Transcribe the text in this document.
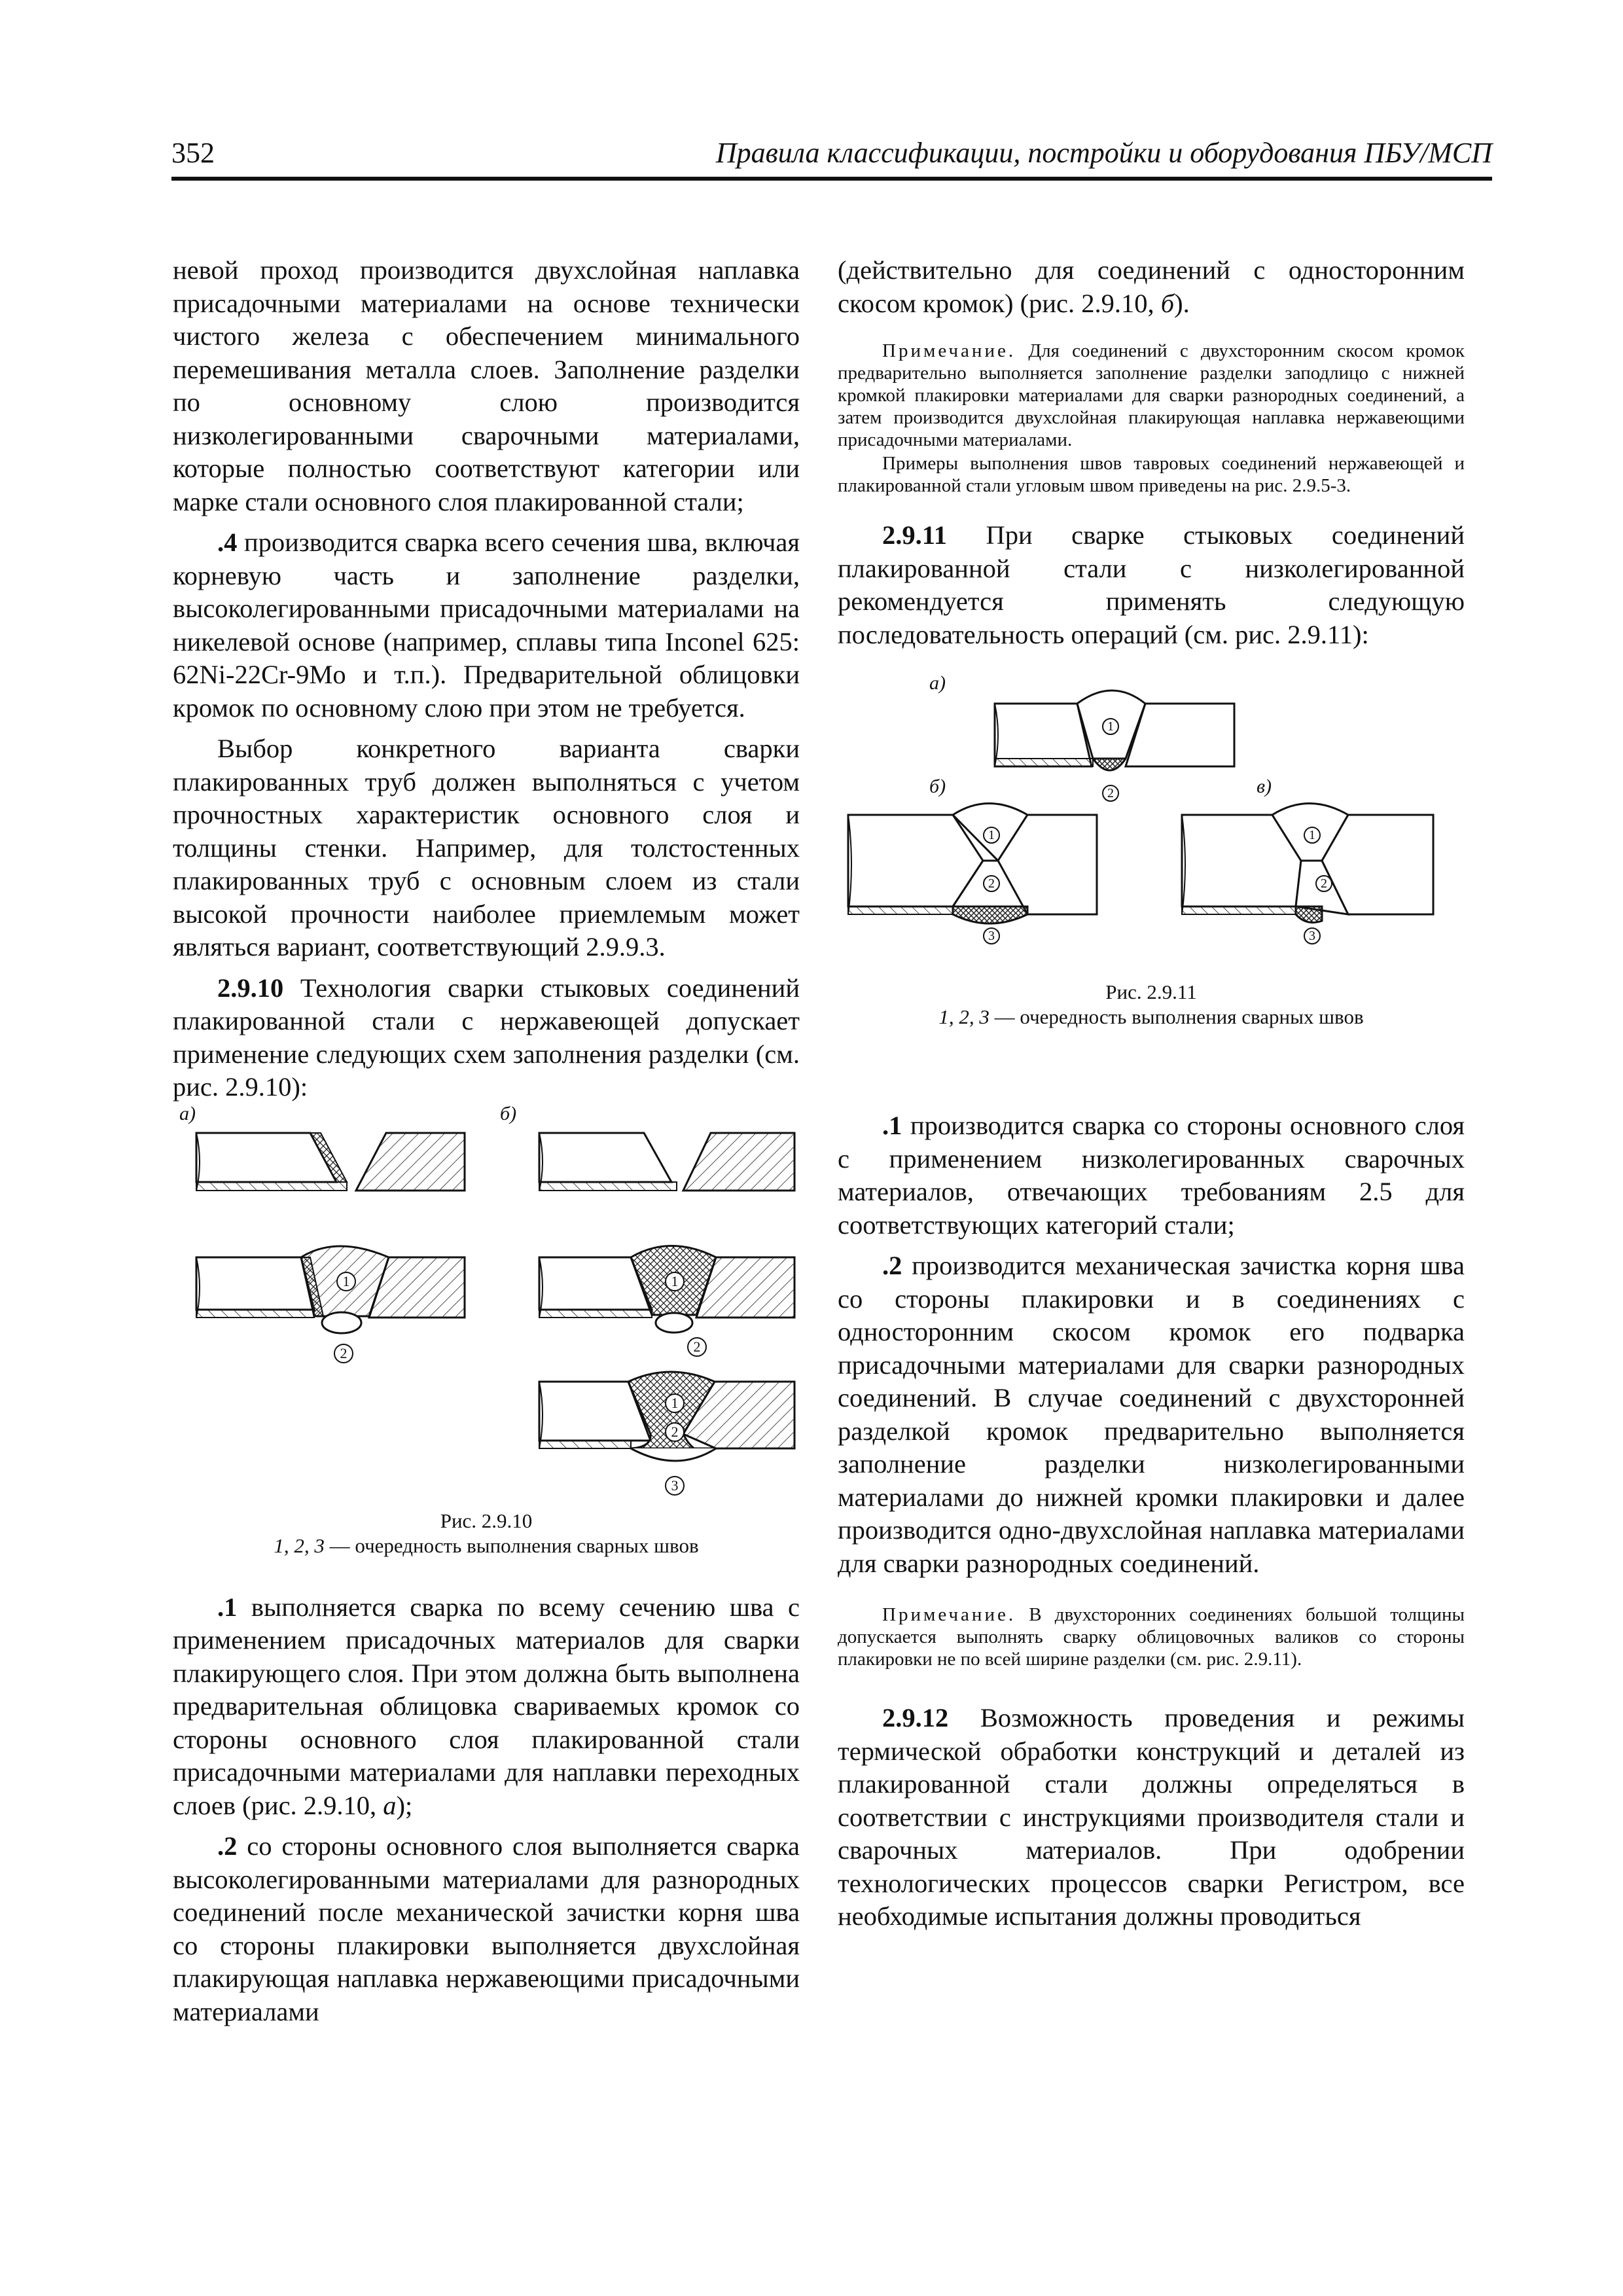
352	Правила классификации, постройки и оборудования ПБУ/МСП

невой проход производится двухслойная наплавка присадочными материалами на основе технически чистого железа с обеспечением минимального перемешивания металла слоев. Заполнение разделки по основному слою производится низколегированными сварочными материалами, которые полностью соответствуют категории или марке стали основного слоя плакированной стали;

.4 производится сварка всего сечения шва, включая корневую часть и заполнение разделки, высоколегированными присадочными материалами на никелевой основе (например, сплавы типа Inconel 625: 62Ni-22Cr-9Mo и т.п.). Предварительной облицовки кромок по основному слою при этом не требуется.

Выбор конкретного варианта сварки плакированных труб должен выполняться с учетом прочностных характеристик основного слоя и толщины стенки. Например, для толстостенных плакированных труб с основным слоем из стали высокой прочности наиболее приемлемым может являться вариант, соответствующий 2.9.9.3.

2.9.10 Технология сварки стыковых соединений плакированной стали с нержавеющей допускает применение следующих схем заполнения разделки (см. рис. 2.9.10):

а)	б)
1
2
1
2
1
2
3
Рис. 2.9.10
1, 2, 3 — очередность выполнения сварных швов

.1 выполняется сварка по всему сечению шва с применением присадочных материалов для сварки плакирующего слоя. При этом должна быть выполнена предварительная облицовка свариваемых кромок со стороны основного слоя плакированной стали присадочными материалами для наплавки переходных слоев (рис. 2.9.10, а);

.2 со стороны основного слоя выполняется сварка высоколегированными материалами для разнородных соединений после механической зачистки корня шва со стороны плакировки выполняется двухслойная плакирующая наплавка нержавеющими присадочными материалами

(действительно для соединений с односторонним скосом кромок) (рис. 2.9.10, б).

Примечание. Для соединений с двухсторонним скосом кромок предварительно выполняется заполнение разделки заподлицо с нижней кромкой плакировки материалами для сварки разнородных соединений, а затем производится двухслойная плакирующая наплавка нержавеющими присадочными материалами.

Примеры выполнения швов тавровых соединений нержавеющей и плакированной стали угловым швом приведены на рис. 2.9.5-3.

2.9.11 При сварке стыковых соединений плакированной стали с низколегированной рекомендуется применять следующую последовательность операций (см. рис. 2.9.11):

а)
б)	в)
1
2
1
2
3
1
2
3
Рис. 2.9.11
1, 2, 3 — очередность выполнения сварных швов

.1 производится сварка со стороны основного слоя с применением низколегированных сварочных материалов, отвечающих требованиям 2.5 для соответствующих категорий стали;

.2 производится механическая зачистка корня шва со стороны плакировки и в соединениях с односторонним скосом кромок его подварка присадочными материалами для сварки разнородных соединений. В случае соединений с двухсторонней разделкой кромок предварительно выполняется заполнение разделки низколегированными материалами до нижней кромки плакировки и далее производится одно-двухслойная наплавка материалами для сварки разнородных соединений.

Примечание. В двухсторонних соединениях большой толщины допускается выполнять сварку облицовочных валиков со стороны плакировки не по всей ширине разделки (см. рис. 2.9.11).

2.9.12 Возможность проведения и режимы термической обработки конструкций и деталей из плакированной стали должны определяться в соответствии с инструкциями производителя стали и сварочных материалов. При одобрении технологических процессов сварки Регистром, все необходимые испытания должны проводиться
